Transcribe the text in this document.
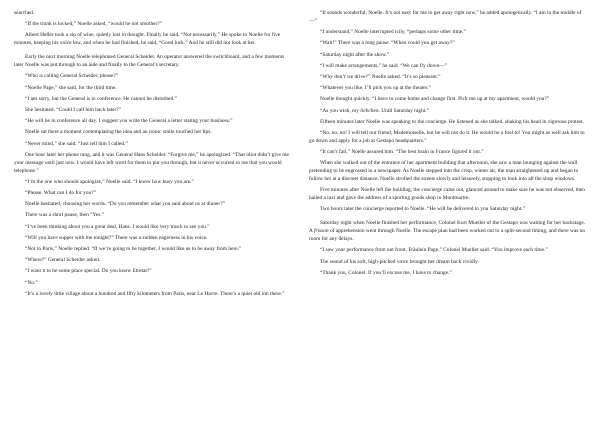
searched.

“If the trunk is locked,” Noelle asked, “would he not smother?”

Albert Heller took a sip of wine, quietly lost in thought. Finally he said, “Not necessarily.” He spoke to Noelle for five minutes, keeping his voice low, and when he had finished, he said, “Good luck.” And he still did not look at her.

Early the next morning Noelle telephoned General Scheider. An operator answered the switchboard, and a few moments later Noelle was put through to an aide and finally to the General’s secretary.

“Who is calling General Scheider, please?”

“Noelle Page,” she said, for the third time.

“I am sorry, but the General is in conference. He cannot be disturbed.”

She hesitated. “Could I call him back later?”

“He will be in conference all day. I suggest you write the General a letter stating your business.”

Noelle sat there a moment contemplating the idea and an ironic smile touched her lips.

“Never mind,” she said. “Just tell him I called.”

One hour later her phone rang, and it was General Hans Scheider. “Forgive me,” he apologized. “That idiot didn’t give me your message until just now. I would have left word for them to put you through, but it never occurred to me that you would telephone.”

“I’m the one who should apologize,” Noelle said. “I know how busy you are.”

“Please. What can I do for you?”

Noelle hesitated, choosing her words. “Do you remember what you said about us at dinner?”

There was a short pause, then “Yes.”

“I’ve been thinking about you a great deal, Hans. I would like very much to see you.”

“Will you have supper with me tonight?” There was a sudden eagerness in his voice.

“Not in Paris,” Noelle replied. “If we’re going to be together, I would like us to be away from here.”

“Where?” General Scheider asked.

“I want it to be some place special. Do you know Etretat?”

“No.”

“It’s a lovely little village about a hundred and fifty kilometers from Paris, near Le Havre. There’s a quiet old inn there.”

“It sounds wonderful, Noelle. It’s not easy for me to get away right now,” he added apologetically. “I am in the middle of—”

“I understand,” Noelle interrupted icily, “perhaps some other time.”

“Wait!” There was a long pause. “When could you get away?”

“Saturday night after the show.”

“I will make arrangements,” he said. “We can fly down—”

“Why don’t we drive?” Noelle asked. “It’s so pleasant.”

“Whatever you like. I’ll pick you up at the theater.”

Noelle thought quickly. “I have to come home and change first. Pick me up at my apartment, would you?”

“As you wish, my liebchen. Until Saturday night.”

Fifteen minutes later Noelle was speaking to the concierge. He listened as she talked, shaking his head in vigorous protest.

“No, no, no! I will tell our friend, Mademoiselle, but he will not do it. He would be a fool to! You might as well ask him to go down and apply for a job at Gestapo headquarters.”

“It can’t fail,” Noelle assured him. “The best brain in France figured it out.”

When she walked out of the entrance of her apartment building that afternoon, she saw a man lounging against the wall pretending to be engrossed in a newspaper. As Noelle stepped into the crisp, winter air, the man straightened up and began to follow her at a discreet distance. Noelle strolled the streets slowly and leisurely, stopping to look into all the shop windows.

Five minutes after Noelle left the building, the concierge came out, glanced around to make sure he was not observed, then hailed a taxi and gave the address of a sporting goods shop in Montmartre.

Two hours later the concierge reported to Noelle. “He will be delivered to you Saturday night.”

Saturday night when Noelle finished her performance, Colonel Kurt Mueller of the Gestapo was waiting for her backstage. A frisson of apprehension went through Noelle. The escape plan had been worked out to a split-second timing, and there was no room for any delays.

“I saw your performance from out front, Fräulein Page,” Colonel Mueller said. “You improve each time.”

The sound of his soft, high-pitched voice brought her dream back vividly.

“Thank you, Colonel. If you’ll excuse me, I have to change.”
